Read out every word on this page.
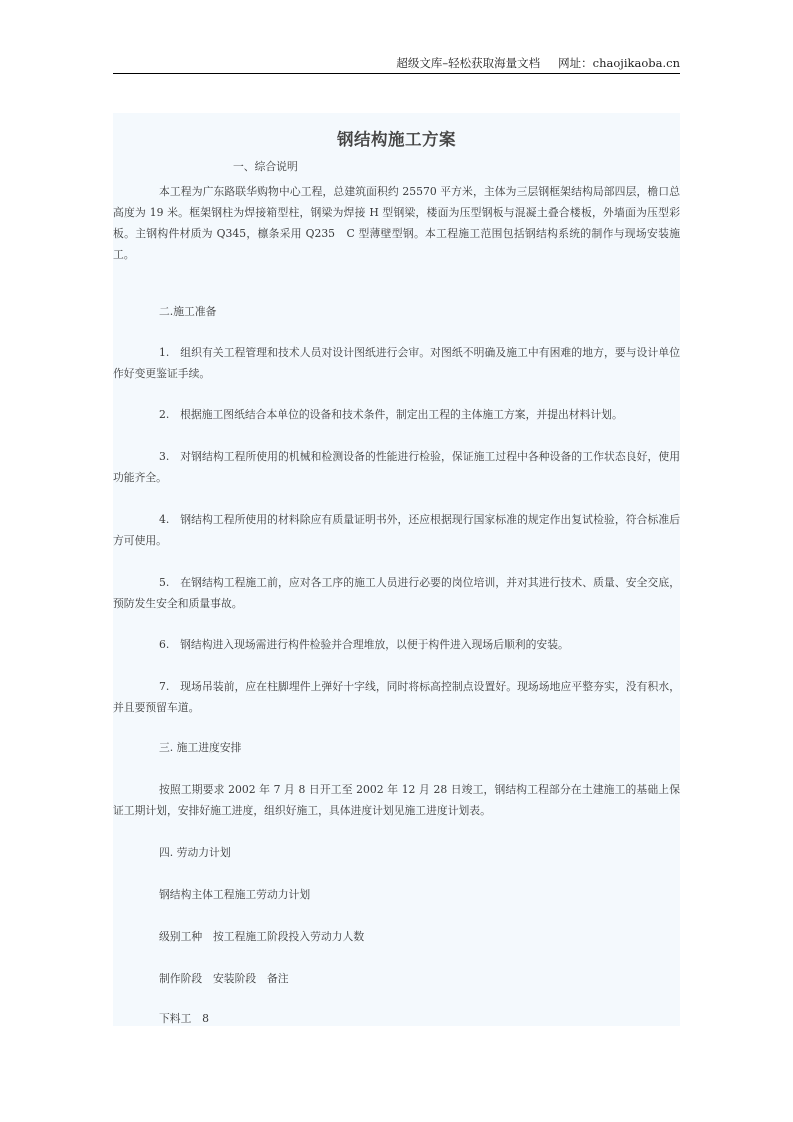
超级文库–轻松获取海量文档 网址：chaojikaoba.cn
钢结构施工方案
一、综合说明
本工程为广东路联华购物中心工程，总建筑面积约 25570 平方米，主体为三层钢框架结构局部四层，檐口总高度为 19 米。框架钢柱为焊接箱型柱，钢梁为焊接 H 型钢梁，楼面为压型钢板与混凝土叠合楼板，外墙面为压型彩板。主钢构件材质为 Q345，檩条采用 Q235　C 型薄壁型钢。本工程施工范围包括钢结构系统的制作与现场安装施工。
二.施工准备
1.　组织有关工程管理和技术人员对设计图纸进行会审。对图纸不明确及施工中有困难的地方，要与设计单位作好变更鉴证手续。
2.　根据施工图纸结合本单位的设备和技术条件，制定出工程的主体施工方案，并提出材料计划。
3.　对钢结构工程所使用的机械和检测设备的性能进行检验，保证施工过程中各种设备的工作状态良好，使用功能齐全。
4.　钢结构工程所使用的材料除应有质量证明书外，还应根据现行国家标准的规定作出复试检验，符合标准后方可使用。
5.　在钢结构工程施工前，应对各工序的施工人员进行必要的岗位培训，并对其进行技术、质量、安全交底，预防发生安全和质量事故。
6.　钢结构进入现场需进行构件检验并合理堆放，以便于构件进入现场后顺利的安装。
7.　现场吊装前，应在柱脚埋件上弹好十字线，同时将标高控制点设置好。现场场地应平整夯实，没有积水，并且要预留车道。
三. 施工进度安排
按照工期要求 2002 年 7 月 8 日开工至 2002 年 12 月 28 日竣工，钢结构工程部分在土建施工的基础上保证工期计划，安排好施工进度，组织好施工，具体进度计划见施工进度计划表。
四. 劳动力计划
钢结构主体工程施工劳动力计划
级别工种　按工程施工阶段投入劳动力人数
制作阶段　安装阶段　备注
下料工　8
